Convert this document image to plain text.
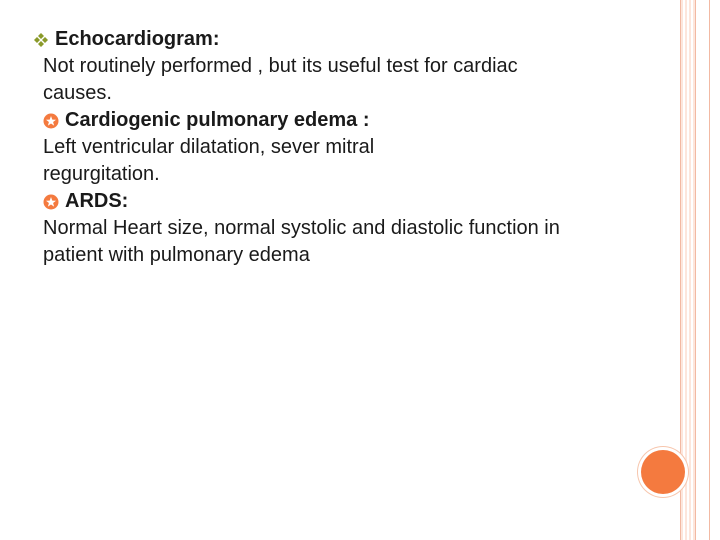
Echocardiogram:

Not routinely performed , but its useful test for cardiac

causes.

Cardiogenic pulmonary edema :

Left ventricular dilatation, sever mitral

regurgitation.

ARDS:

Normal Heart size, normal systolic and diastolic function in

patient with pulmonary edema
